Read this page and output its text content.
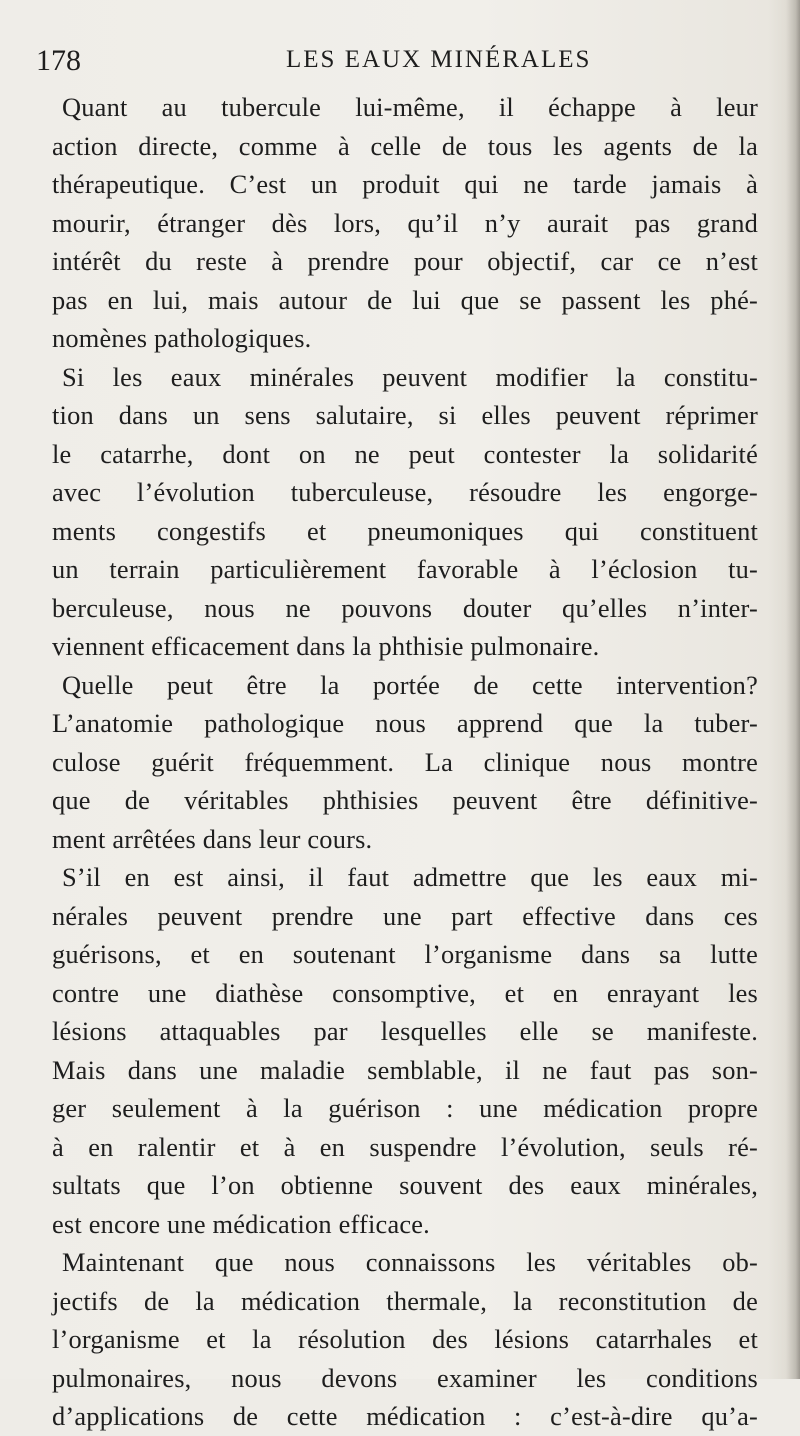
178	LES EAUX MINÉRALES
Quant au tubercule lui-même, il échappe à leur
action directe, comme à celle de tous les agents de la
thérapeutique. C’est un produit qui ne tarde jamais à
mourir, étranger dès lors, qu’il n’y aurait pas grand
intérêt du reste à prendre pour objectif, car ce n’est
pas en lui, mais autour de lui que se passent les phé-
nomènes pathologiques.
Si les eaux minérales peuvent modifier la constitu-
tion dans un sens salutaire, si elles peuvent réprimer
le catarrhe, dont on ne peut contester la solidarité
avec l’évolution tuberculeuse, résoudre les engorge-
ments congestifs et pneumoniques qui constituent
un terrain particulièrement favorable à l’éclosion tu-
berculeuse, nous ne pouvons douter qu’elles n’inter-
viennent efficacement dans la phthisie pulmonaire.
Quelle peut être la portée de cette intervention?
L’anatomie pathologique nous apprend que la tuber-
culose guérit fréquemment. La clinique nous montre
que de véritables phthisies peuvent être définitive-
ment arrêtées dans leur cours.
S’il en est ainsi, il faut admettre que les eaux mi-
nérales peuvent prendre une part effective dans ces
guérisons, et en soutenant l’organisme dans sa lutte
contre une diathèse consomptive, et en enrayant les
lésions attaquables par lesquelles elle se manifeste.
Mais dans une maladie semblable, il ne faut pas son-
ger seulement à la guérison : une médication propre
à en ralentir et à en suspendre l’évolution, seuls ré-
sultats que l’on obtienne souvent des eaux minérales,
est encore une médication efficace.
Maintenant que nous connaissons les véritables ob-
jectifs de la médication thermale, la reconstitution de
l’organisme et la résolution des lésions catarrhales et
pulmonaires, nous devons examiner les conditions
d’applications de cette médication : c’est-à-dire qu’a-
